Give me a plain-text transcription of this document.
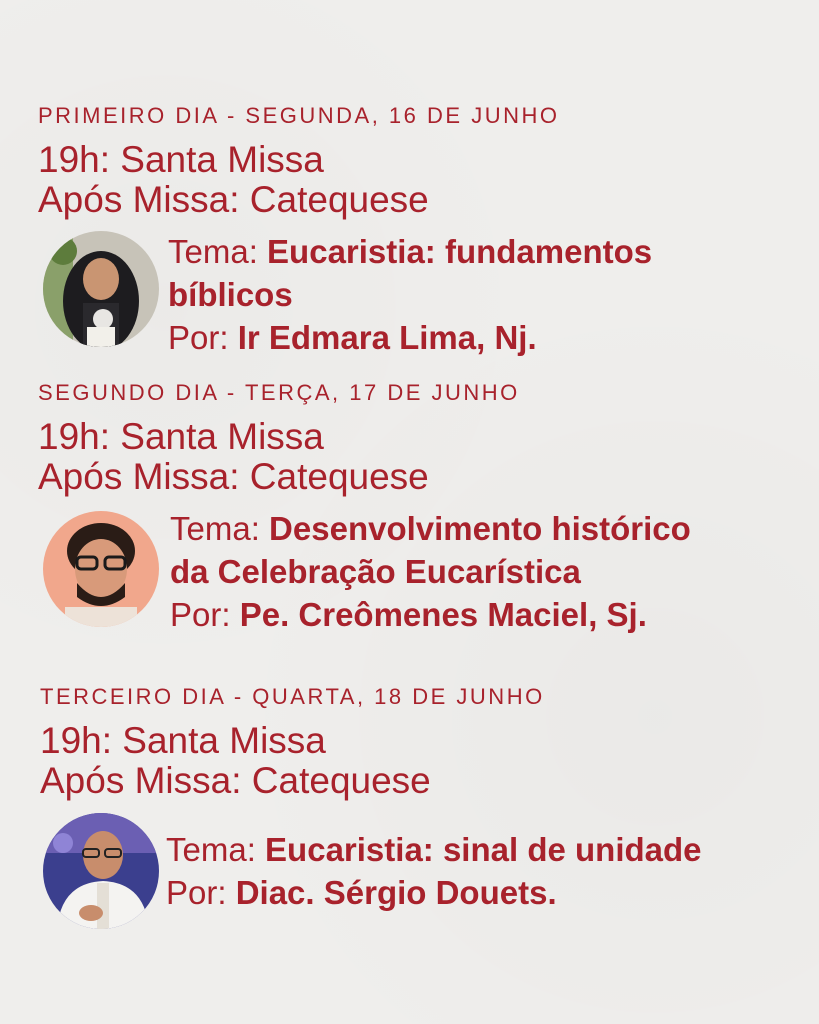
PRIMEIRO DIA - SEGUNDA, 16 DE JUNHO
19h: Santa Missa
Após Missa: Catequese
Tema: Eucaristia: fundamentos
bíblicos
Por: Ir Edmara Lima, Nj.
SEGUNDO DIA - TERÇA, 17 DE JUNHO
19h: Santa Missa
Após Missa: Catequese
Tema: Desenvolvimento histórico
da Celebração Eucarística
Por: Pe. Creômenes Maciel, Sj.
TERCEIRO DIA - QUARTA, 18 DE JUNHO
19h: Santa Missa
Após Missa: Catequese
Tema: Eucaristia: sinal de unidade
Por: Diac. Sérgio Douets.
